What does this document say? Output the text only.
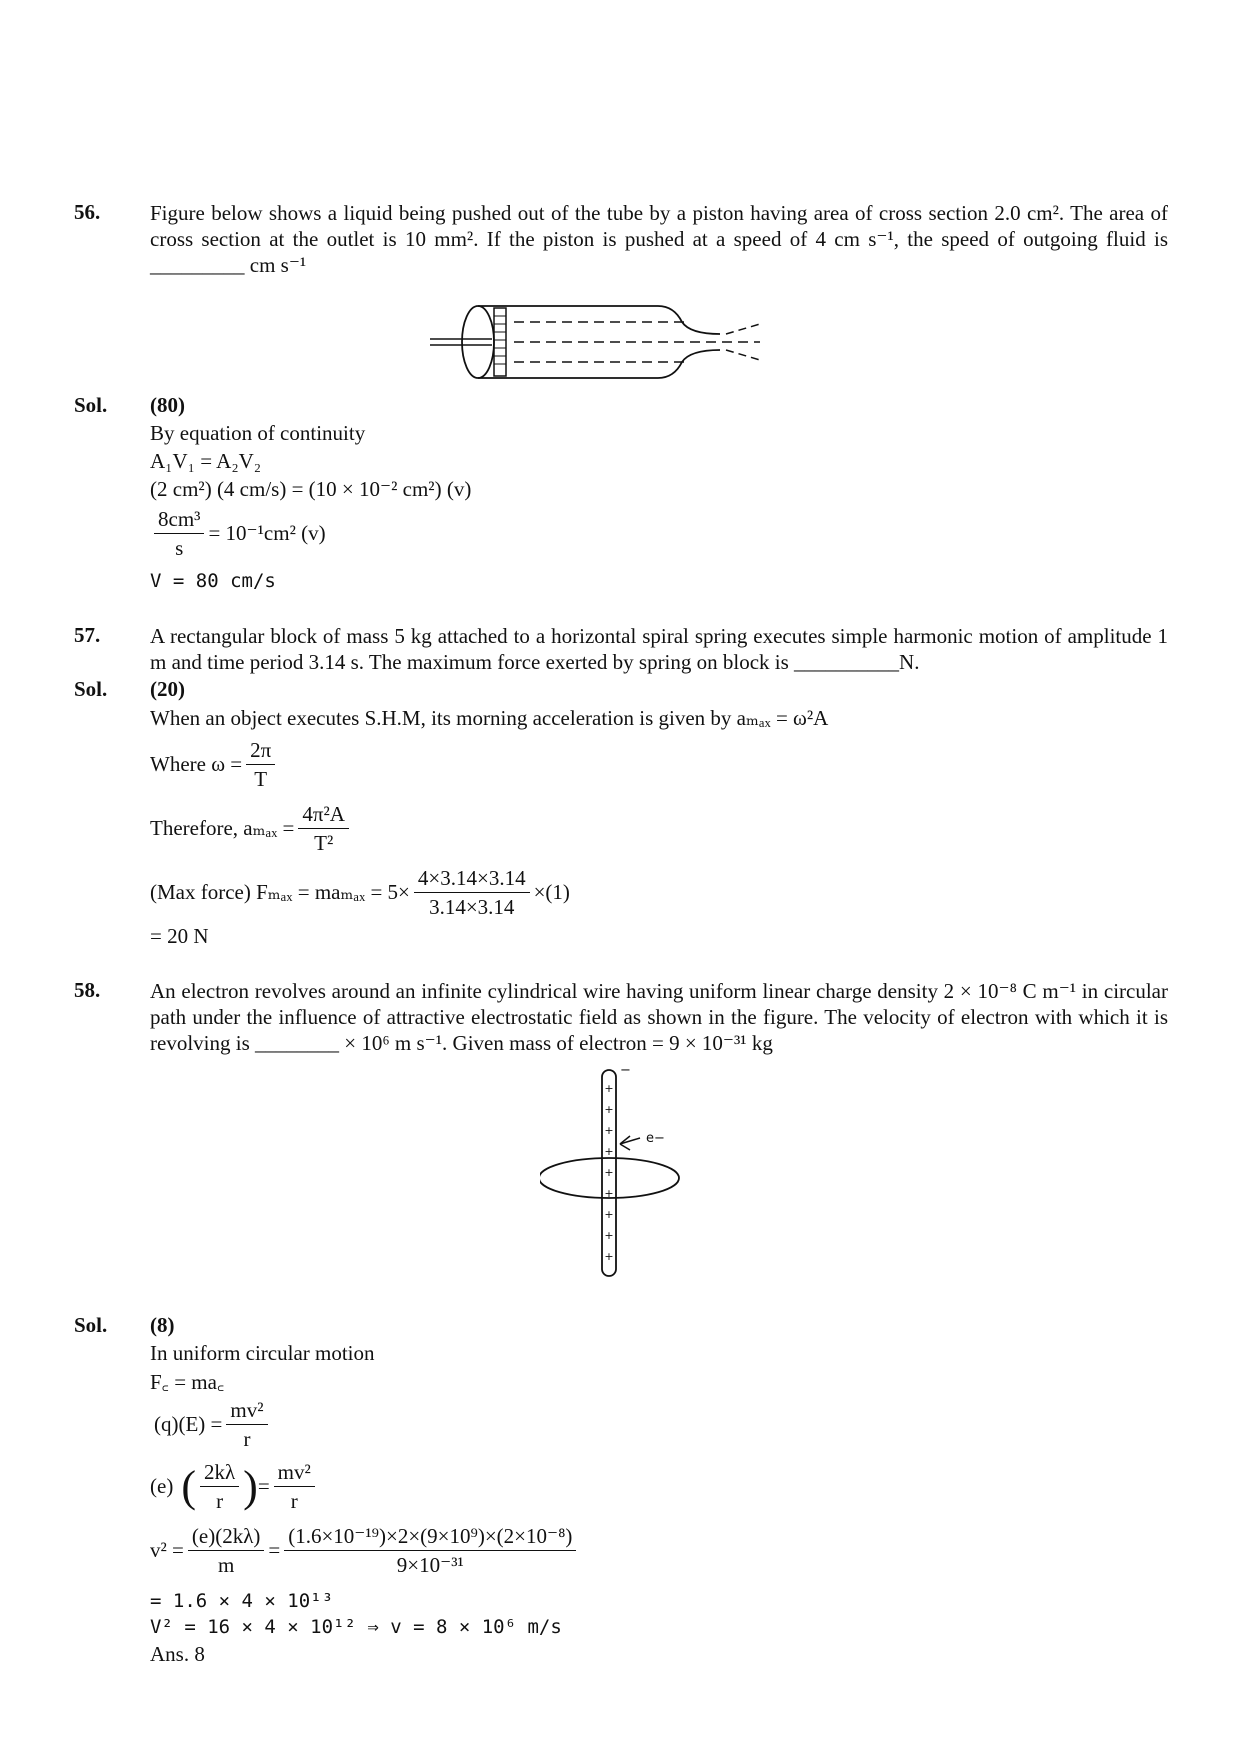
56. Figure below shows a liquid being pushed out of the tube by a piston having area of cross section 2.0 cm². The area of cross section at the outlet is 10 mm². If the piston is pushed at a speed of 4 cm s⁻¹, the speed of outgoing fluid is _________ cm s⁻¹
Sol. (80)
By equation of continuity
A₁V₁ = A₂V₂
(2 cm²) (4 cm/s) = (10 × 10⁻² cm²) (v)
$\frac{\text{8cm³}}{s} = 10^{-1}cm^2$ (v)
V = 80 cm/s
57. A rectangular block of mass 5 kg attached to a horizontal spiral spring executes simple harmonic motion of amplitude 1 m and time period 3.14 s. The maximum force exerted by spring on block is __________N.
Sol. (20)
When an object executes S.H.M, its morning acceleration is given by aₘₐₓ = ω²A
Where $\omega = \frac{2\pi}{T}$
Therefore, $a_{max} = \frac{\text{4π²A}}{\text{T²}}$
(Max force) $F_{max} = ma_{max} = 5\times \frac{4\times 3.14\times 3.14}{3.14\times 3.14} \times(1)$
= 20 N
58. An electron revolves around an infinite cylindrical wire having uniform linear charge density 2 × 10⁻⁸ C m⁻¹ in circular path under the influence of attractive electrostatic field as shown in the figure. The velocity of electron with which it is revolving is ________ × 10⁶ m s⁻¹. Given mass of electron = 9 × 10⁻³¹ kg
+
+
+
+
+
+
+
+
+
e−
−
Sol. (8)
In uniform circular motion
F꜀ = ma꜀
$(q)(E) = \frac{\text{mv²}}{r}$
(e) ( $\frac{2k\lambda}{r}$ ) = $\frac{\text{mv²}}{r}$
$v^2 = \frac{(e)(2k\lambda)}{m} = \frac{\text{(1.6×10⁻¹⁹)×2×(9×10⁹)×(2×10⁻⁸)}}{\text{9×10⁻³¹}}$
= 1.6 × 4 × 10¹³
V² = 16 × 4 × 10¹² ⇒ v = 8 × 10⁶ m/s
Ans. 8
